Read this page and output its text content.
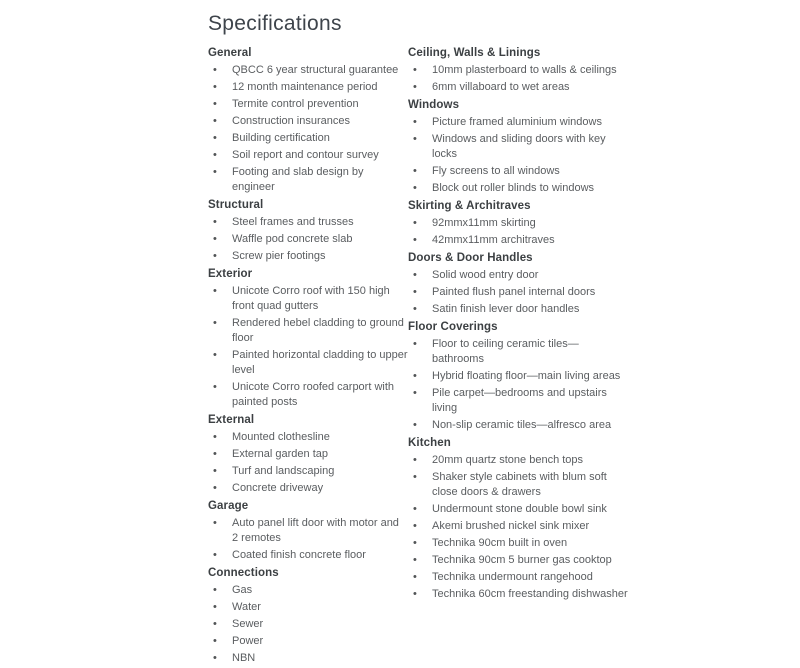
Specifications
General
•	QBCC 6 year structural guarantee
•	12 month maintenance period
•	Termite control prevention
•	Construction insurances
•	Building certification
•	Soil report and contour survey
•	Footing and slab design by engineer
Structural
•	Steel frames and trusses
•	Waffle pod concrete slab
•	Screw pier footings
Exterior
•	Unicote Corro roof with 150 high front quad gutters
•	Rendered hebel cladding to ground floor
•	Painted horizontal cladding to upper level
•	Unicote Corro roofed carport with painted posts
External
•	Mounted clothesline
•	External garden tap
•	Turf and landscaping
•	Concrete driveway
Garage
•	Auto panel lift door with motor and 2 remotes
•	Coated finish concrete floor
Connections
•	Gas
•	Water
•	Sewer
•	Power
•	NBN
Ceiling, Walls & Linings
•	10mm plasterboard to walls & ceilings
•	6mm villaboard to wet areas
Windows
•	Picture framed aluminium windows
•	Windows and sliding doors with key locks
•	Fly screens to all windows
•	Block out roller blinds to windows
Skirting & Architraves
•	92mmx11mm skirting
•	42mmx11mm architraves
Doors & Door Handles
•	Solid wood entry door
•	Painted flush panel internal doors
•	Satin finish lever door handles
Floor Coverings
•	Floor to ceiling ceramic tiles—bathrooms
•	Hybrid floating floor—main living areas
•	Pile carpet—bedrooms and upstairs living
•	Non-slip ceramic tiles—alfresco area
Kitchen
•	20mm quartz stone bench tops
•	Shaker style cabinets with blum soft close doors & drawers
•	Undermount stone double bowl sink
•	Akemi brushed nickel sink mixer
•	Technika 90cm built in oven
•	Technika 90cm 5 burner gas cooktop
•	Technika undermount rangehood
•	Technika 60cm freestanding dishwasher
